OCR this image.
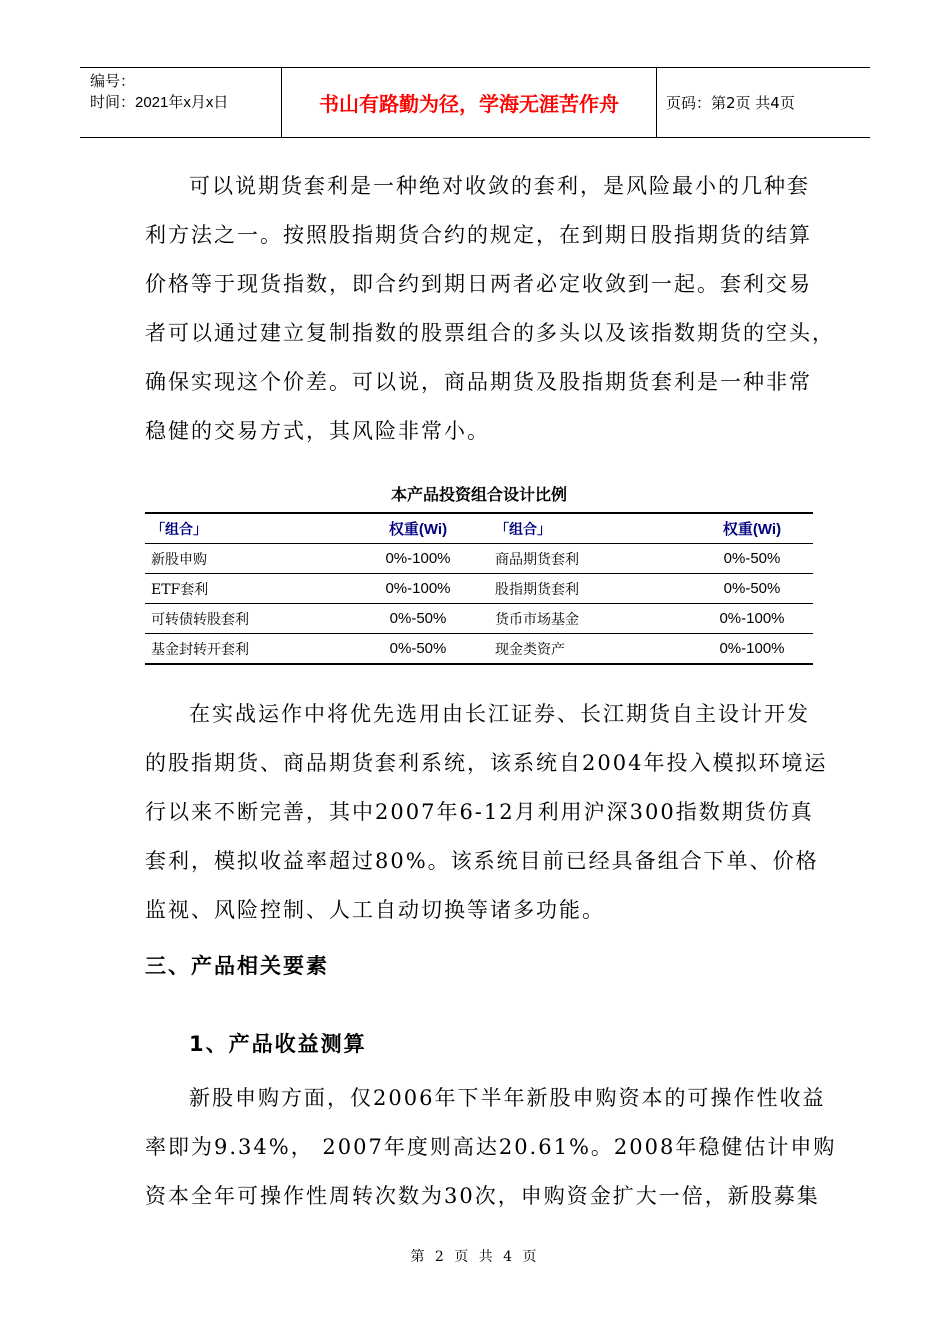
编号：
时间：2021年x月x日	书山有路勤为径，学海无涯苦作舟	页码：第2页 共4页
可以说期货套利是一种绝对收敛的套利，是风险最小的几种套
利方法之一。按照股指期货合约的规定，在到期日股指期货的结算
价格等于现货指数，即合约到期日两者必定收敛到一起。套利交易
者可以通过建立复制指数的股票组合的多头以及该指数期货的空头，
确保实现这个价差。可以说，商品期货及股指期货套利是一种非常
稳健的交易方式，其风险非常小。
本产品投资组合设计比例
「组合」	权重(Wi)	「组合」	权重(Wi)
新股申购	0%-100%	商品期货套利	0%-50%
ETF套利	0%-100%	股指期货套利	0%-50%
可转债转股套利	0%-50%	货币市场基金	0%-100%
基金封转开套利	0%-50%	现金类资产	0%-100%
在实战运作中将优先选用由长江证券、长江期货自主设计开发
的股指期货、商品期货套利系统，该系统自2004年投入模拟环境运
行以来不断完善，其中2007年6-12月利用沪深300指数期货仿真
套利，模拟收益率超过80%。该系统目前已经具备组合下单、价格
监视、风险控制、人工自动切换等诸多功能。
三、产品相关要素
1、产品收益测算
新股申购方面，仅2006年下半年新股申购资本的可操作性收益
率即为9.34%， 2007年度则高达20.61%。2008年稳健估计申购
资本全年可操作性周转次数为30次，申购资金扩大一倍，新股募集
第 2 页 共 4 页
